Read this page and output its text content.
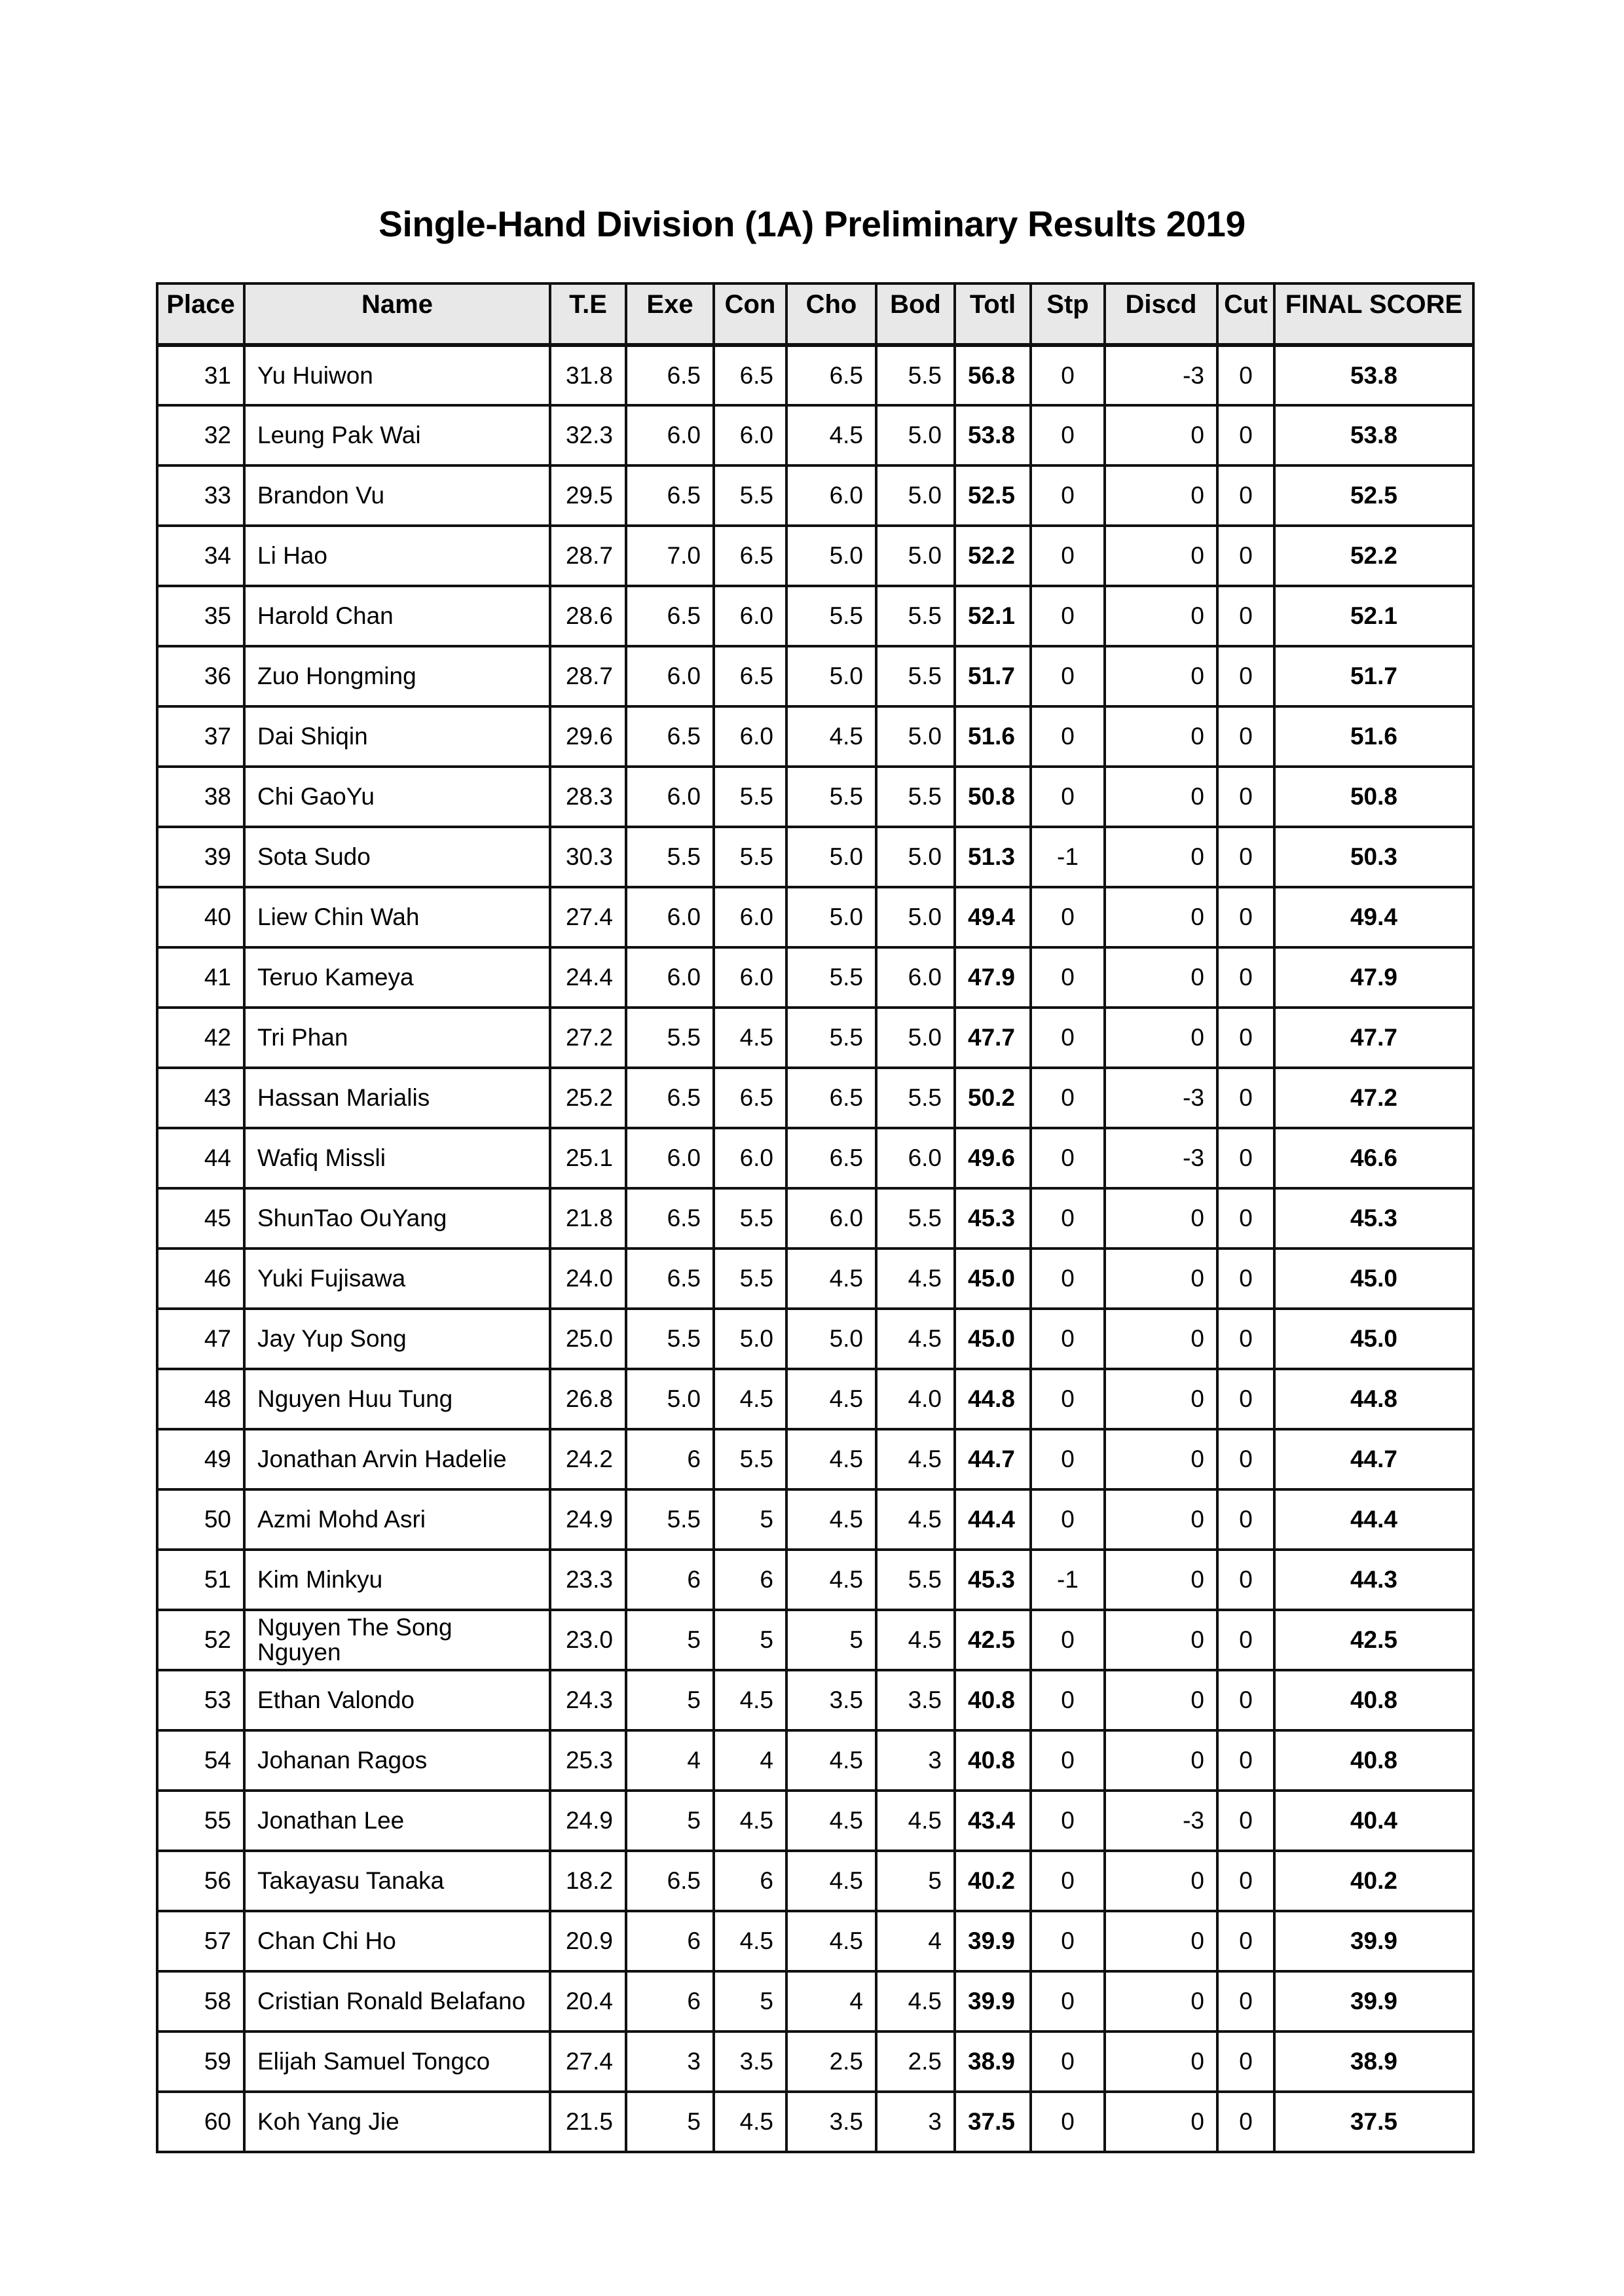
Single-Hand Division (1A) Preliminary Results 2019
Place	Name	T.E	Exe	Con	Cho	Bod	Totl	Stp	Discd	Cut	FINAL SCORE
31	Yu Huiwon	31.8	6.5	6.5	6.5	5.5	56.8	0	-3	0	53.8
32	Leung Pak Wai	32.3	6.0	6.0	4.5	5.0	53.8	0	0	0	53.8
33	Brandon Vu	29.5	6.5	5.5	6.0	5.0	52.5	0	0	0	52.5
34	Li Hao	28.7	7.0	6.5	5.0	5.0	52.2	0	0	0	52.2
35	Harold Chan	28.6	6.5	6.0	5.5	5.5	52.1	0	0	0	52.1
36	Zuo Hongming	28.7	6.0	6.5	5.0	5.5	51.7	0	0	0	51.7
37	Dai Shiqin	29.6	6.5	6.0	4.5	5.0	51.6	0	0	0	51.6
38	Chi GaoYu	28.3	6.0	5.5	5.5	5.5	50.8	0	0	0	50.8
39	Sota Sudo	30.3	5.5	5.5	5.0	5.0	51.3	-1	0	0	50.3
40	Liew Chin Wah	27.4	6.0	6.0	5.0	5.0	49.4	0	0	0	49.4
41	Teruo Kameya	24.4	6.0	6.0	5.5	6.0	47.9	0	0	0	47.9
42	Tri Phan	27.2	5.5	4.5	5.5	5.0	47.7	0	0	0	47.7
43	Hassan Marialis	25.2	6.5	6.5	6.5	5.5	50.2	0	-3	0	47.2
44	Wafiq Missli	25.1	6.0	6.0	6.5	6.0	49.6	0	-3	0	46.6
45	ShunTao OuYang	21.8	6.5	5.5	6.0	5.5	45.3	0	0	0	45.3
46	Yuki Fujisawa	24.0	6.5	5.5	4.5	4.5	45.0	0	0	0	45.0
47	Jay Yup Song	25.0	5.5	5.0	5.0	4.5	45.0	0	0	0	45.0
48	Nguyen Huu Tung	26.8	5.0	4.5	4.5	4.0	44.8	0	0	0	44.8
49	Jonathan Arvin Hadelie	24.2	6	5.5	4.5	4.5	44.7	0	0	0	44.7
50	Azmi Mohd Asri	24.9	5.5	5	4.5	4.5	44.4	0	0	0	44.4
51	Kim Minkyu	23.3	6	6	4.5	5.5	45.3	-1	0	0	44.3
52	Nguyen The Song Nguyen	23.0	5	5	5	4.5	42.5	0	0	0	42.5
53	Ethan Valondo	24.3	5	4.5	3.5	3.5	40.8	0	0	0	40.8
54	Johanan Ragos	25.3	4	4	4.5	3	40.8	0	0	0	40.8
55	Jonathan Lee	24.9	5	4.5	4.5	4.5	43.4	0	-3	0	40.4
56	Takayasu Tanaka	18.2	6.5	6	4.5	5	40.2	0	0	0	40.2
57	Chan Chi Ho	20.9	6	4.5	4.5	4	39.9	0	0	0	39.9
58	Cristian Ronald Belafano	20.4	6	5	4	4.5	39.9	0	0	0	39.9
59	Elijah Samuel Tongco	27.4	3	3.5	2.5	2.5	38.9	0	0	0	38.9
60	Koh Yang Jie	21.5	5	4.5	3.5	3	37.5	0	0	0	37.5
